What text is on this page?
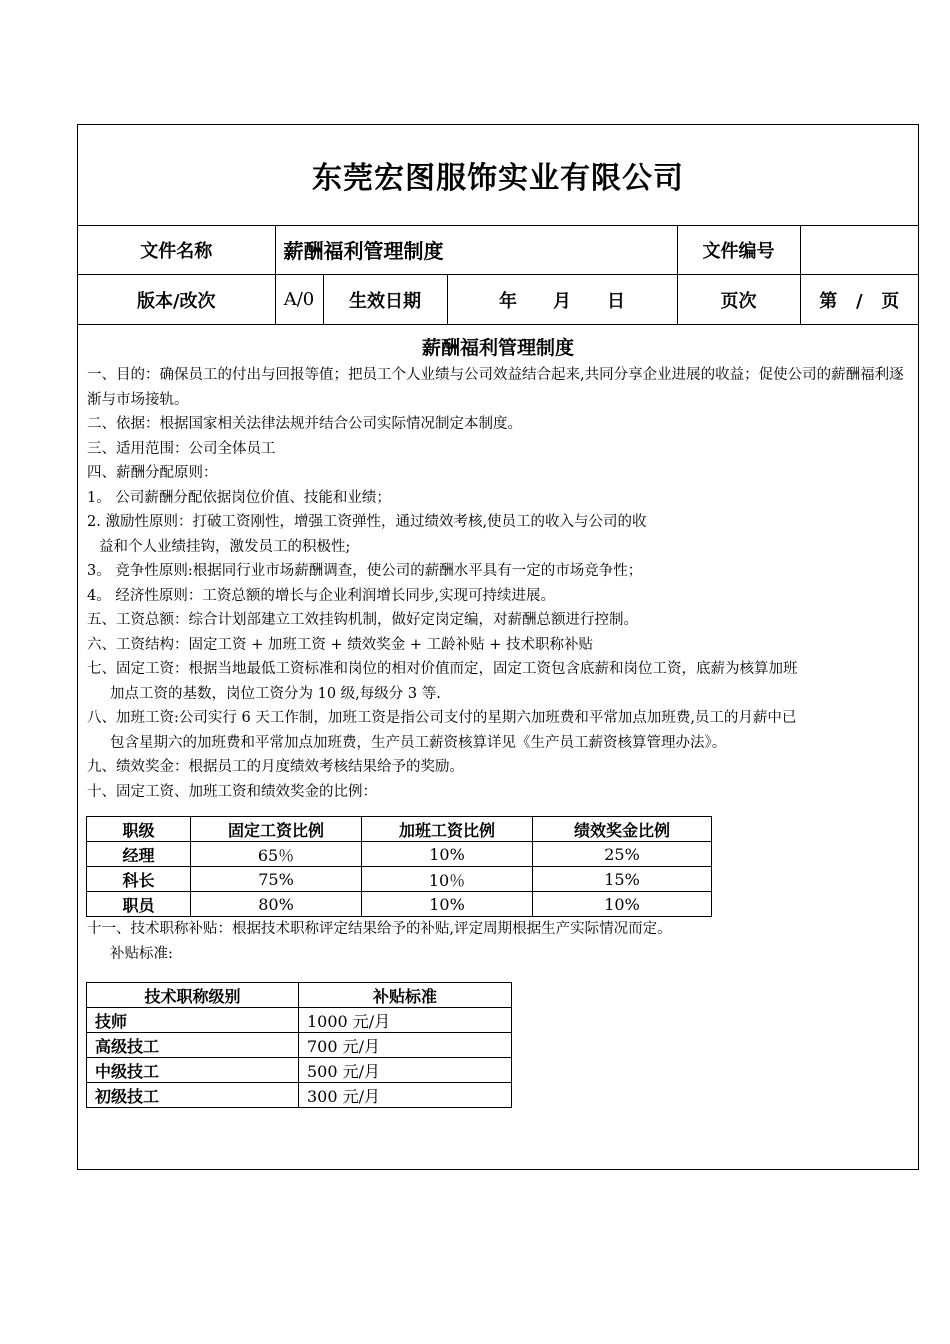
东莞宏图服饰实业有限公司
文件名称	薪酬福利管理制度			文件编号	
版本/改次	A/0	生效日期	年 月 日	页次	第 / 页
薪酬福利管理制度

一、目的：确保员工的付出与回报等值；把员工个人业绩与公司效益结合起来,共同分享企业进展的收益；促使公司的薪酬福利逐渐与市场接轨。

二、依据：根据国家相关法律法规并结合公司实际情况制定本制度。

三、适用范围：公司全体员工

四、薪酬分配原则：

1。 公司薪酬分配依据岗位价值、技能和业绩；

2. 激励性原则：打破工资刚性，增强工资弹性，通过绩效考核,使员工的收入与公司的收

益和个人业绩挂钩，激发员工的积极性;

3。 竞争性原则:根据同行业市场薪酬调查，使公司的薪酬水平具有一定的市场竞争性；

4。 经济性原则：工资总额的增长与企业利润增长同步,实现可持续进展。

五、工资总额：综合计划部建立工效挂钩机制，做好定岗定编，对薪酬总额进行控制。

六、工资结构：固定工资 + 加班工资 + 绩效奖金 + 工龄补贴 + 技术职称补贴

七、固定工资：根据当地最低工资标准和岗位的相对价值而定，固定工资包含底薪和岗位工资，底薪为核算加班

加点工资的基数，岗位工资分为 10 级,每级分 3 等.

八、加班工资:公司实行 6 天工作制，加班工资是指公司支付的星期六加班费和平常加点加班费,员工的月薪中已

包含星期六的加班费和平常加点加班费，生产员工薪资核算详见《生产员工薪资核算管理办法》。

九、绩效奖金：根据员工的月度绩效考核结果给予的奖励。

十、固定工资、加班工资和绩效奖金的比例：

职级	固定工资比例	加班工资比例	绩效奖金比例
经理	65％	10%	25%
科长	75%	10％	15%
职员	80%	10%	10%

十一、技术职称补贴：根据技术职称评定结果给予的补贴,评定周期根据生产实际情况而定。

补贴标准:

技术职称级别	补贴标准
技师	1000 元/月
高级技工	700 元/月
中级技工	500 元/月
初级技工	300 元/月
